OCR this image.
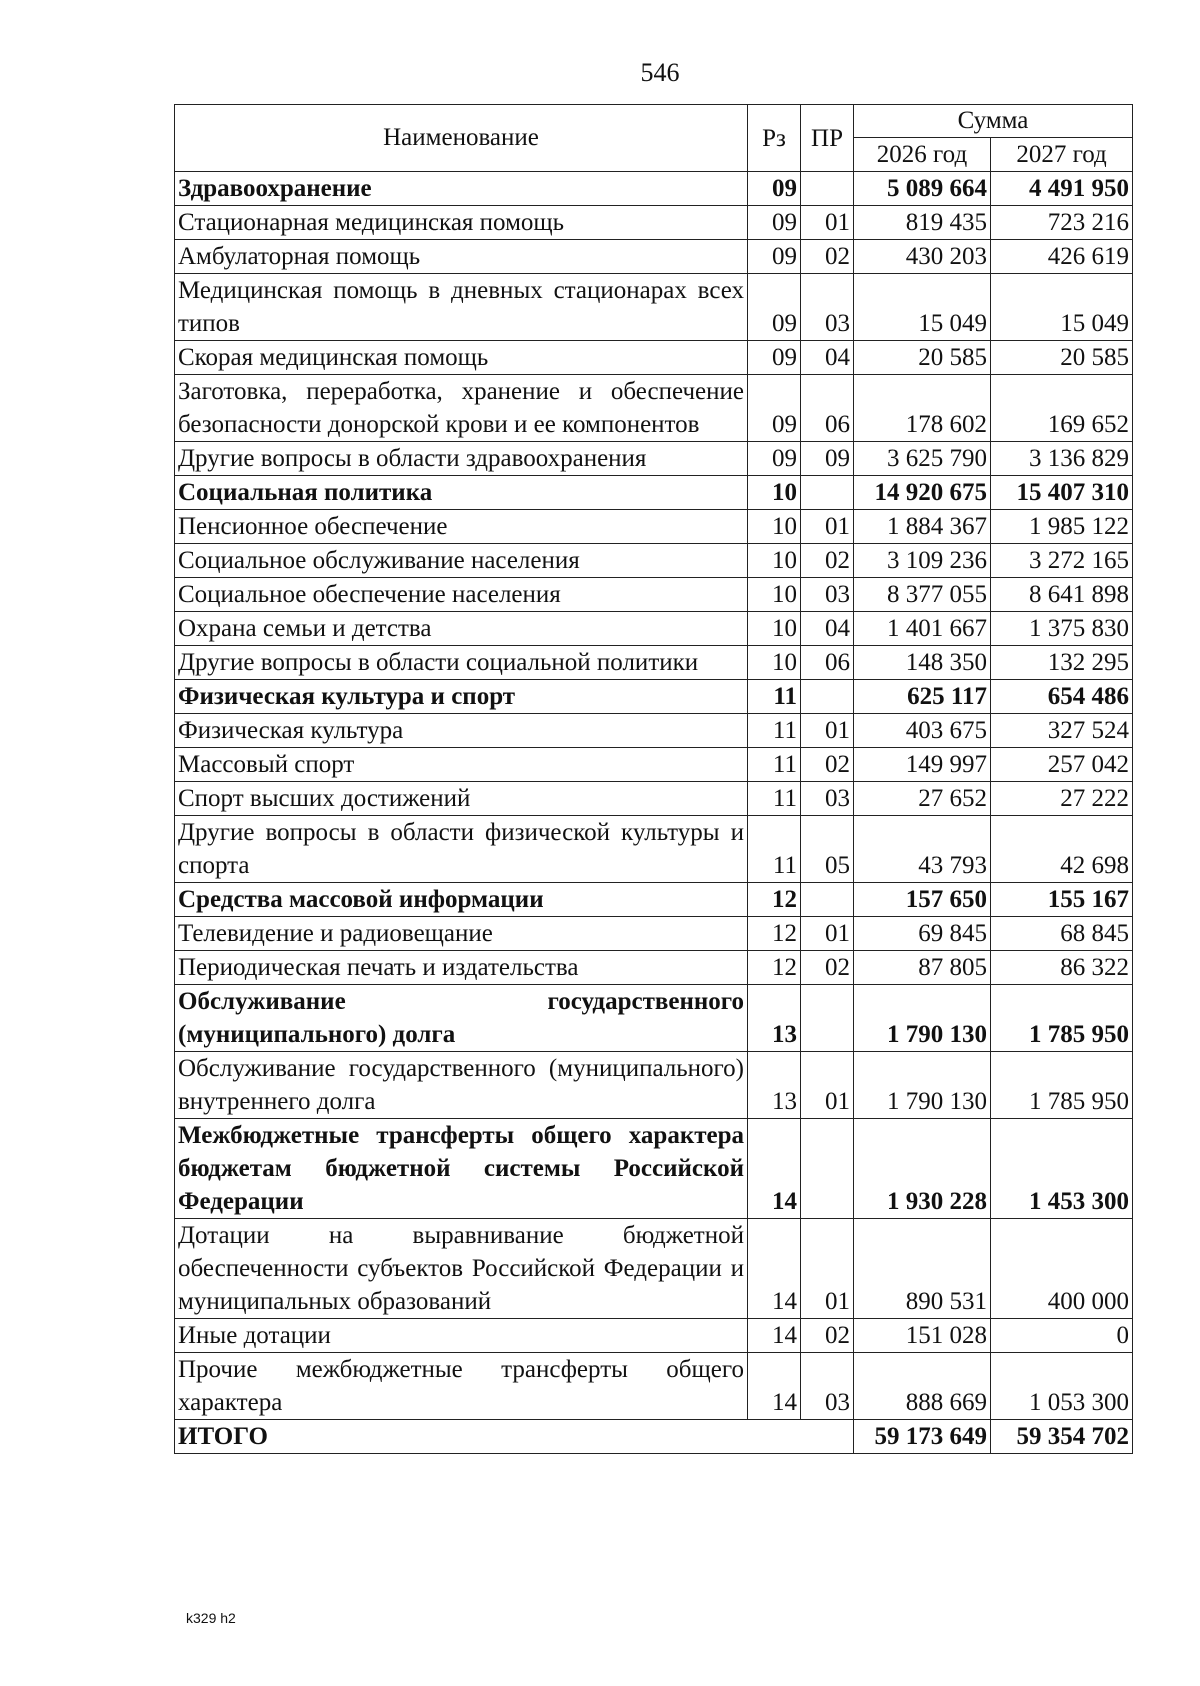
546
Наименование	Рз	ПР	Сумма	
			2026 год	2027 год
Здравоохранение	09		5 089 664	4 491 950
Стационарная медицинская помощь	09	01	819 435	723 216
Амбулаторная помощь	09	02	430 203	426 619
Медицинская помощь в дневных стационарах всех типов	09	03	15 049	15 049
Скорая медицинская помощь	09	04	20 585	20 585
Заготовка, переработка, хранение и обеспечение безопасности донорской крови и ее компонентов	09	06	178 602	169 652
Другие вопросы в области здравоохранения	09	09	3 625 790	3 136 829
Социальная политика	10		14 920 675	15 407 310
Пенсионное обеспечение	10	01	1 884 367	1 985 122
Социальное обслуживание населения	10	02	3 109 236	3 272 165
Социальное обеспечение населения	10	03	8 377 055	8 641 898
Охрана семьи и детства	10	04	1 401 667	1 375 830
Другие вопросы в области социальной политики	10	06	148 350	132 295
Физическая культура и спорт	11		625 117	654 486
Физическая культура	11	01	403 675	327 524
Массовый спорт	11	02	149 997	257 042
Спорт высших достижений	11	03	27 652	27 222
Другие вопросы в области физической культуры и спорта	11	05	43 793	42 698
Средства массовой информации	12		157 650	155 167
Телевидение и радиовещание	12	01	69 845	68 845
Периодическая печать и издательства	12	02	87 805	86 322
Обслуживание государственного (муниципального) долга	13		1 790 130	1 785 950
Обслуживание государственного (муниципального) внутреннего долга	13	01	1 790 130	1 785 950
Межбюджетные трансферты общего характера бюджетам бюджетной системы Российской Федерации	14		1 930 228	1 453 300
Дотации на выравнивание бюджетной обеспеченности субъектов Российской Федерации и муниципальных образований	14	01	890 531	400 000
Иные дотации	14	02	151 028	0
Прочие межбюджетные трансферты общего характера	14	03	888 669	1 053 300
ИТОГО			59 173 649	59 354 702
k329 h2
